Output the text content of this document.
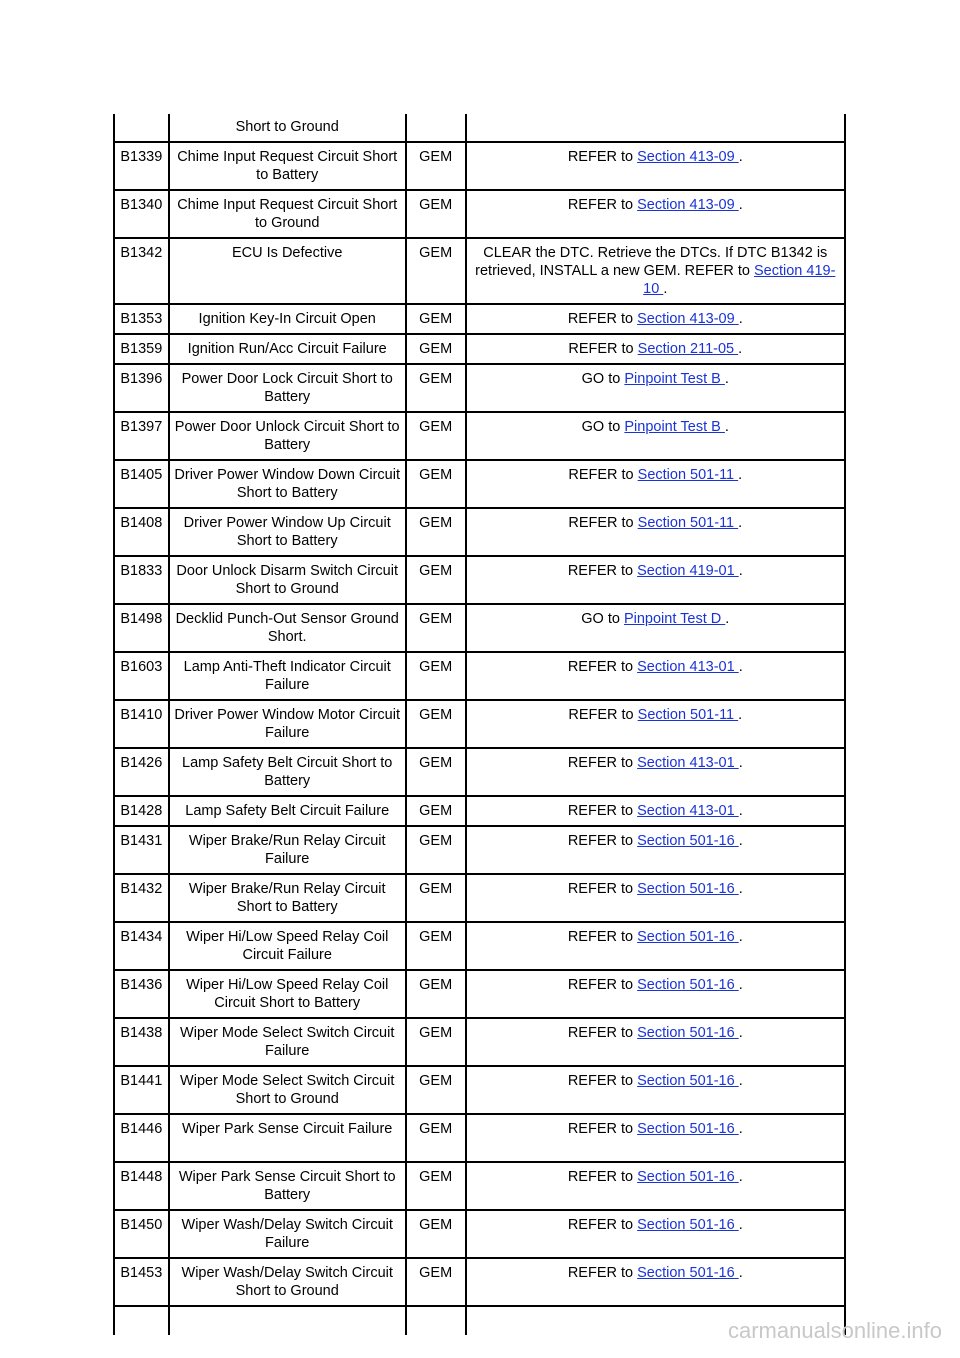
	Short to Ground		
B1339	Chime Input Request Circuit Short to Battery	GEM	REFER to Section 413-09 .
B1340	Chime Input Request Circuit Short to Ground	GEM	REFER to Section 413-09 .
B1342	ECU Is Defective	GEM	CLEAR the DTC. Retrieve the DTCs. If DTC B1342 is retrieved, INSTALL a new GEM. REFER to Section 419-10 .
B1353	Ignition Key-In Circuit Open	GEM	REFER to Section 413-09 .
B1359	Ignition Run/Acc Circuit Failure	GEM	REFER to Section 211-05 .
B1396	Power Door Lock Circuit Short to Battery	GEM	GO to Pinpoint Test B .
B1397	Power Door Unlock Circuit Short to Battery	GEM	GO to Pinpoint Test B .
B1405	Driver Power Window Down Circuit Short to Battery	GEM	REFER to Section 501-11 .
B1408	Driver Power Window Up Circuit Short to Battery	GEM	REFER to Section 501-11 .
B1833	Door Unlock Disarm Switch Circuit Short to Ground	GEM	REFER to Section 419-01 .
B1498	Decklid Punch-Out Sensor Ground Short.	GEM	GO to Pinpoint Test D .
B1603	Lamp Anti-Theft Indicator Circuit Failure	GEM	REFER to Section 413-01 .
B1410	Driver Power Window Motor Circuit Failure	GEM	REFER to Section 501-11 .
B1426	Lamp Safety Belt Circuit Short to Battery	GEM	REFER to Section 413-01 .
B1428	Lamp Safety Belt Circuit Failure	GEM	REFER to Section 413-01 .
B1431	Wiper Brake/Run Relay Circuit Failure	GEM	REFER to Section 501-16 .
B1432	Wiper Brake/Run Relay Circuit Short to Battery	GEM	REFER to Section 501-16 .
B1434	Wiper Hi/Low Speed Relay Coil Circuit Failure	GEM	REFER to Section 501-16 .
B1436	Wiper Hi/Low Speed Relay Coil Circuit Short to Battery	GEM	REFER to Section 501-16 .
B1438	Wiper Mode Select Switch Circuit Failure	GEM	REFER to Section 501-16 .
B1441	Wiper Mode Select Switch Circuit Short to Ground	GEM	REFER to Section 501-16 .
B1446	Wiper Park Sense Circuit Failure	GEM	REFER to Section 501-16 .
B1448	Wiper Park Sense Circuit Short to Battery	GEM	REFER to Section 501-16 .
B1450	Wiper Wash/Delay Switch Circuit Failure	GEM	REFER to Section 501-16 .
B1453	Wiper Wash/Delay Switch Circuit Short to Ground	GEM	REFER to Section 501-16 .

carmanualsonline.info
